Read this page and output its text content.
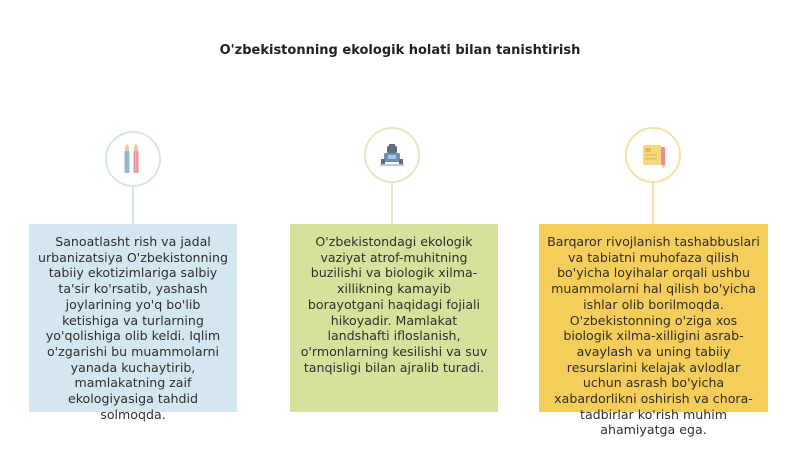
O'zbekistonning ekologik holati bilan tanishtirish
Sanoatlasht rish va jadal urbanizatsiya O'zbekistonning tabiiy ekotizimlariga salbiy ta'sir ko'rsatib, yashash joylarining yo'q bo'lib ketishiga va turlarning yo'qolishiga olib keldi. Iqlim o'zgarishi bu muammolarni yanada kuchaytirib, mamlakatning zaif ekologiyasiga tahdid solmoqda.
O'zbekistondagi ekologik vaziyat atrof-muhitning buzilishi va biologik xilma-xillikning kamayib borayotgani haqidagi fojiali hikoyadir. Mamlakat landshafti ifloslanish, o'rmonlarning kesilishi va suv tanqisligi bilan ajralib turadi.
Barqaror rivojlanish tashabbuslari va tabiatni muhofaza qilish bo'yicha loyihalar orqali ushbu muammolarni hal qilish bo'yicha ishlar olib borilmoqda. O'zbekistonning o'ziga xos biologik xilma-xilligini asrab-avaylash va uning tabiiy resurslarini kelajak avlodlar uchun asrash bo'yicha xabardorlikni oshirish va chora-tadbirlar ko'rish muhim ahamiyatga ega.
